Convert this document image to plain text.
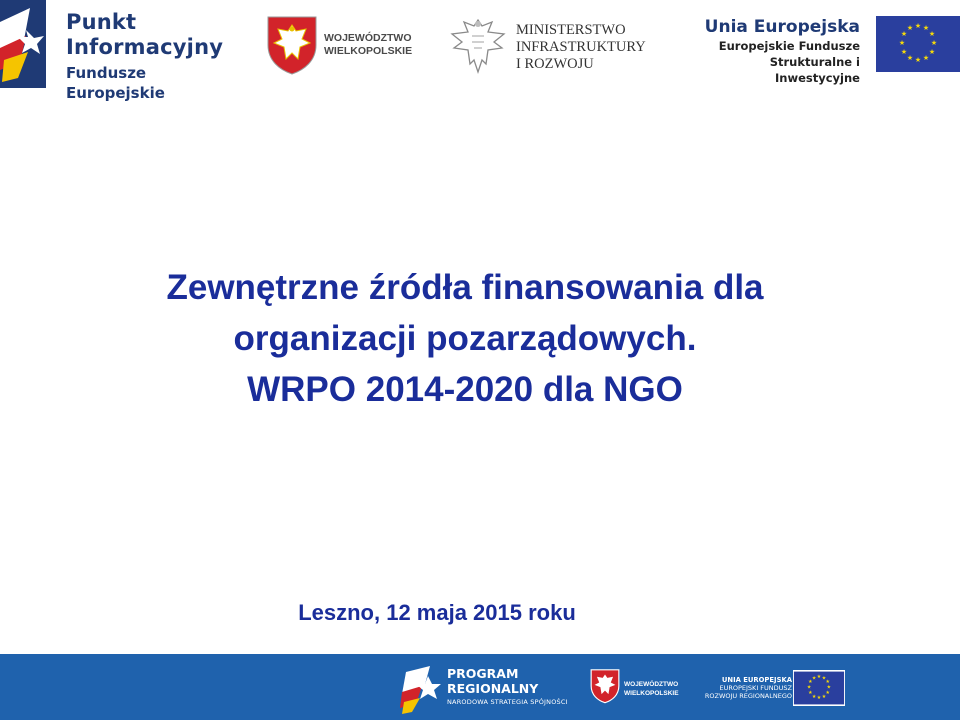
Punkt
Informacyjny
Fundusze Europejskie
WOJEWÓDZTWO
WIELKOPOLSKIE
MINISTERSTWO
INFRASTRUKTURY
I ROZWOJU
Unia Europejska
Europejskie Fundusze
Strukturalne i Inwestycyjne
★ ★
★
★
★
★
★
★
★
★
★
★
Zewnętrzne źródła finansowania dla
organizacji pozarządowych.
WRPO 2014-2020 dla NGO
Leszno, 12 maja 2015 roku
PROGRAM
REGIONALNY
NARODOWA STRATEGIA SPÓJNOŚCI
WOJEWÓDZTWO
WIELKOPOLSKIE
UNIA EUROPEJSKA
EUROPEJSKI FUNDUSZ
ROZWOJU REGIONALNEGO
★ ★
★
★
★
★
★
★
★
★
★
★
